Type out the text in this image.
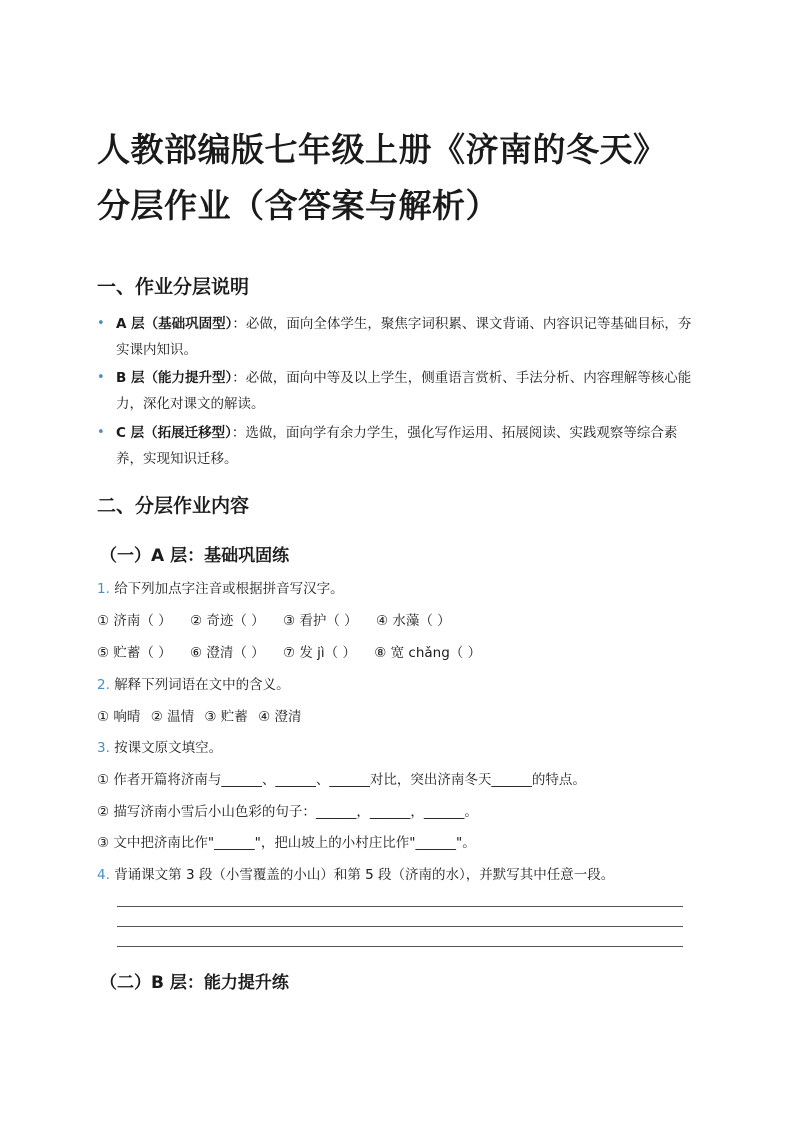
人教部编版七年级上册《济南的冬天》
分层作业（含答案与解析）
一、作业分层说明
• A 层（基础巩固型）：必做，面向全体学生，聚焦字词积累、课文背诵、内容识记等基础目标，夯实课内知识。
• B 层（能力提升型）：必做，面向中等及以上学生，侧重语言赏析、手法分析、内容理解等核心能力，深化对课文的解读。
• C 层（拓展迁移型）：选做，面向学有余力学生，强化写作运用、拓展阅读、实践观察等综合素养，实现知识迁移。
二、分层作业内容
（一）A 层：基础巩固练
1. 给下列加点字注音或根据拼音写汉字。
① 济南（ ） ② 奇迹（ ） ③ 看护（ ） ④ 水藻（ ）
⑤ 贮蓄（ ） ⑥ 澄清（ ） ⑦ 发 jì（ ） ⑧ 宽 chǎng（ ）
2. 解释下列词语在文中的含义。
① 响晴 ② 温情 ③ 贮蓄 ④ 澄清
3. 按课文原文填空。
① 作者开篇将济南与______、______、______对比，突出济南冬天______的特点。
② 描写济南小雪后小山色彩的句子：______，______，______。
③ 文中把济南比作"______"，把山坡上的小村庄比作"______"。
4. 背诵课文第 3 段（小雪覆盖的小山）和第 5 段（济南的水），并默写其中任意一段。
（二）B 层：能力提升练
